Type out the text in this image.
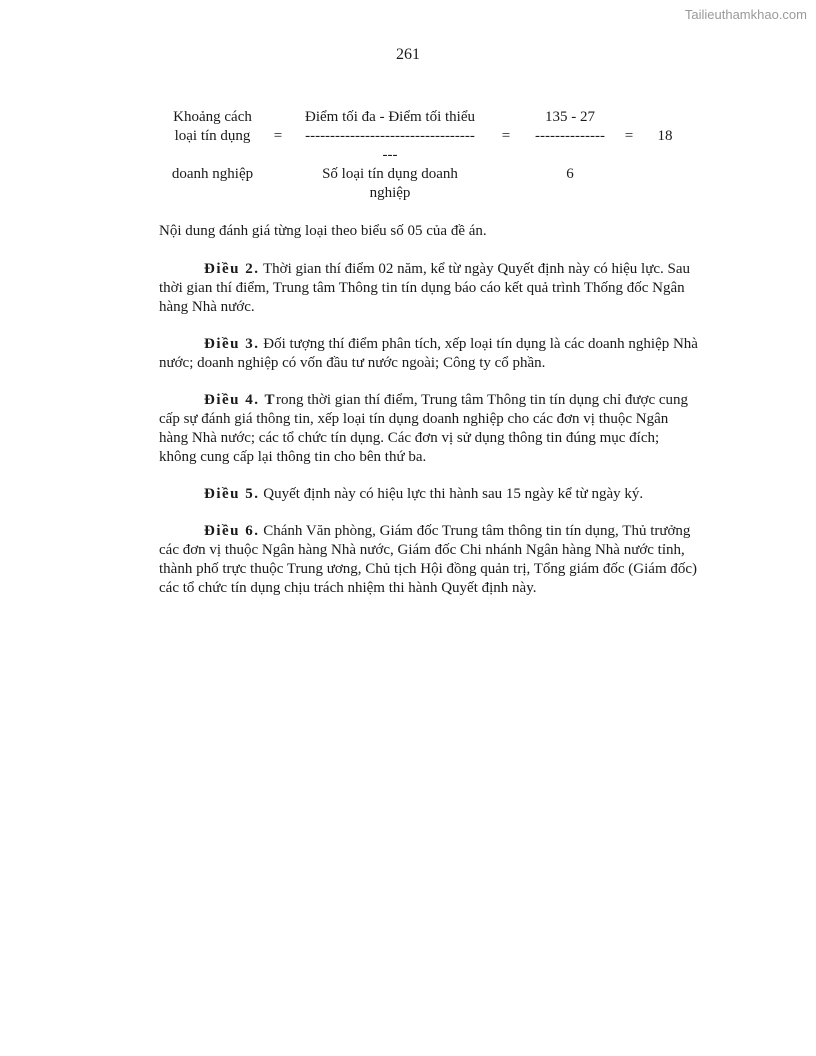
Tailieuthamkhao.com
261
Khoảng cách
loại tín dụng
doanh nghiệp
=
Điểm tối đa - Điểm tối thiểu
----------------------------------
---
Số loại tín dụng doanh nghiệp
=
135 - 27
--------------
6
=	18
Nội dung đánh giá từng loại theo biểu số 05 của đề án.
Điều 2. Thời gian thí điểm 02 năm, kể từ ngày Quyết định này có hiệu lực. Sau thời gian thí điểm, Trung tâm Thông tin tín dụng báo cáo kết quả trình Thống đốc Ngân hàng Nhà nước.
Điều 3. Đối tượng thí điểm phân tích, xếp loại tín dụng là các doanh nghiệp Nhà nước; doanh nghiệp có vốn đầu tư nước ngoài; Công ty cổ phần.
Điều 4. Trong thời gian thí điểm, Trung tâm Thông tin tín dụng chỉ được cung cấp sự đánh giá thông tin, xếp loại tín dụng doanh nghiệp cho các đơn vị thuộc Ngân hàng Nhà nước; các tổ chức tín dụng. Các đơn vị sử dụng thông tin đúng mục đích; không cung cấp lại thông tin cho bên thứ ba.
Điều 5. Quyết định này có hiệu lực thi hành sau 15 ngày kể từ ngày ký.
Điều 6. Chánh Văn phòng, Giám đốc Trung tâm thông tin tín dụng, Thủ trưởng các đơn vị thuộc Ngân hàng Nhà nước, Giám đốc Chi nhánh Ngân hàng Nhà nước tỉnh, thành phố trực thuộc Trung ương, Chủ tịch Hội đồng quản trị, Tổng giám đốc (Giám đốc) các tổ chức tín dụng chịu trách nhiệm thi hành Quyết định này.
